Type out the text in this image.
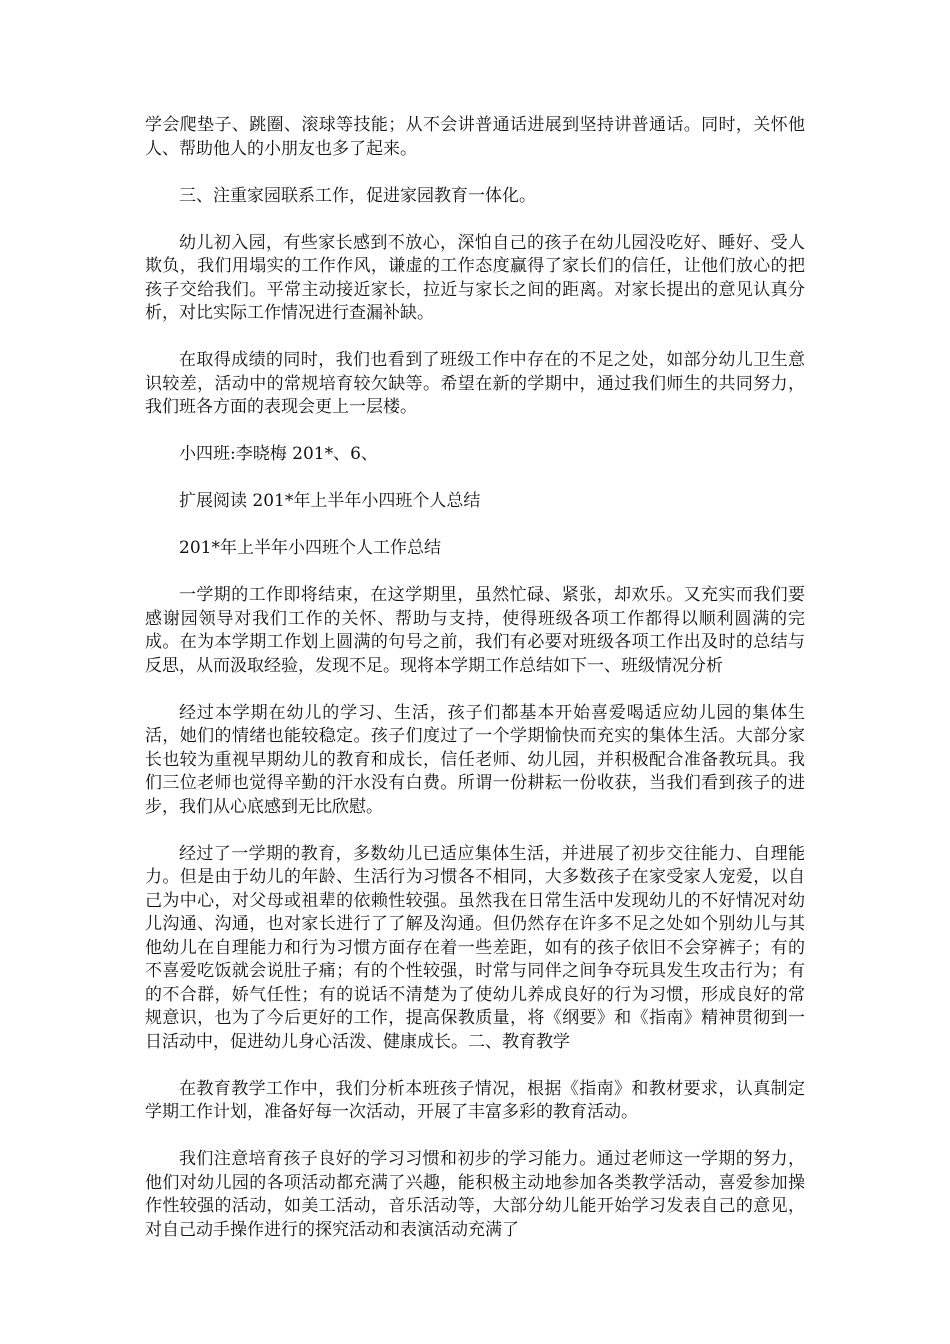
学会爬垫子、跳圈、滚球等技能；从不会讲普通话进展到坚持讲普通话。同时，关怀他人、帮助他人的小朋友也多了起来。

三、注重家园联系工作，促进家园教育一体化。

幼儿初入园，有些家长感到不放心，深怕自己的孩子在幼儿园没吃好、睡好、受人欺负，我们用塌实的工作作风，谦虚的工作态度赢得了家长们的信任，让他们放心的把孩子交给我们。平常主动接近家长，拉近与家长之间的距离。对家长提出的意见认真分析，对比实际工作情况进行查漏补缺。

在取得成绩的同时，我们也看到了班级工作中存在的不足之处，如部分幼儿卫生意识较差，活动中的常规培育较欠缺等。希望在新的学期中，通过我们师生的共同努力，我们班各方面的表现会更上一层楼。

小四班:李晓梅 201*、6、

扩展阅读 201*年上半年小四班个人总结

201*年上半年小四班个人工作总结

一学期的工作即将结束，在这学期里，虽然忙碌、紧张，却欢乐。又充实而我们要感谢园领导对我们工作的关怀、帮助与支持，使得班级各项工作都得以顺利圆满的完成。在为本学期工作划上圆满的句号之前，我们有必要对班级各项工作出及时的总结与反思，从而汲取经验，发现不足。现将本学期工作总结如下一、班级情况分析

经过本学期在幼儿的学习、生活，孩子们都基本开始喜爱喝适应幼儿园的集体生活，她们的情绪也能较稳定。孩子们度过了一个学期愉快而充实的集体生活。大部分家长也较为重视早期幼儿的教育和成长，信任老师、幼儿园，并积极配合准备教玩具。我们三位老师也觉得辛勤的汗水没有白费。所谓一份耕耘一份收获，当我们看到孩子的进步，我们从心底感到无比欣慰。

经过了一学期的教育，多数幼儿已适应集体生活，并进展了初步交往能力、自理能力。但是由于幼儿的年龄、生活行为习惯各不相同，大多数孩子在家受家人宠爱，以自己为中心，对父母或祖辈的依赖性较强。虽然我在日常生活中发现幼儿的不好情况对幼儿沟通、沟通，也对家长进行了了解及沟通。但仍然存在许多不足之处如个别幼儿与其他幼儿在自理能力和行为习惯方面存在着一些差距，如有的孩子依旧不会穿裤子；有的不喜爱吃饭就会说肚子痛；有的个性较强，时常与同伴之间争夺玩具发生攻击行为；有的不合群，娇气任性；有的说话不清楚为了使幼儿养成良好的行为习惯，形成良好的常规意识，也为了今后更好的工作，提高保教质量，将《纲要》和《指南》精神贯彻到一日活动中，促进幼儿身心活泼、健康成长。二、教育教学

在教育教学工作中，我们分析本班孩子情况，根据《指南》和教材要求，认真制定学期工作计划，准备好每一次活动，开展了丰富多彩的教育活动。

我们注意培育孩子良好的学习习惯和初步的学习能力。通过老师这一学期的努力，他们对幼儿园的各项活动都充满了兴趣，能积极主动地参加各类教学活动，喜爱参加操作性较强的活动，如美工活动，音乐活动等，大部分幼儿能开始学习发表自己的意见，对自己动手操作进行的探究活动和表演活动充满了
